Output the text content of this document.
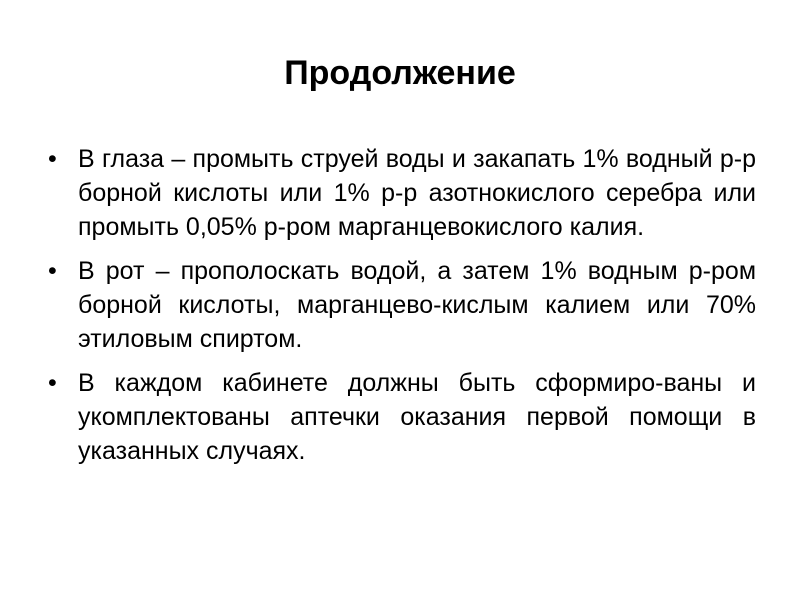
Продолжение
• В глаза – промыть струей воды и закапать 1% водный р-р борной кислоты или 1% р-р азотнокислого серебра или промыть 0,05% р-ром марганцевокислого калия.
• В рот – прополоскать водой, а затем 1% водным р-ром борной кислоты, марганцево-кислым калием или 70% этиловым спиртом.
• В каждом кабинете должны быть сформиро-ваны и укомплектованы аптечки оказания первой помощи в указанных случаях.
